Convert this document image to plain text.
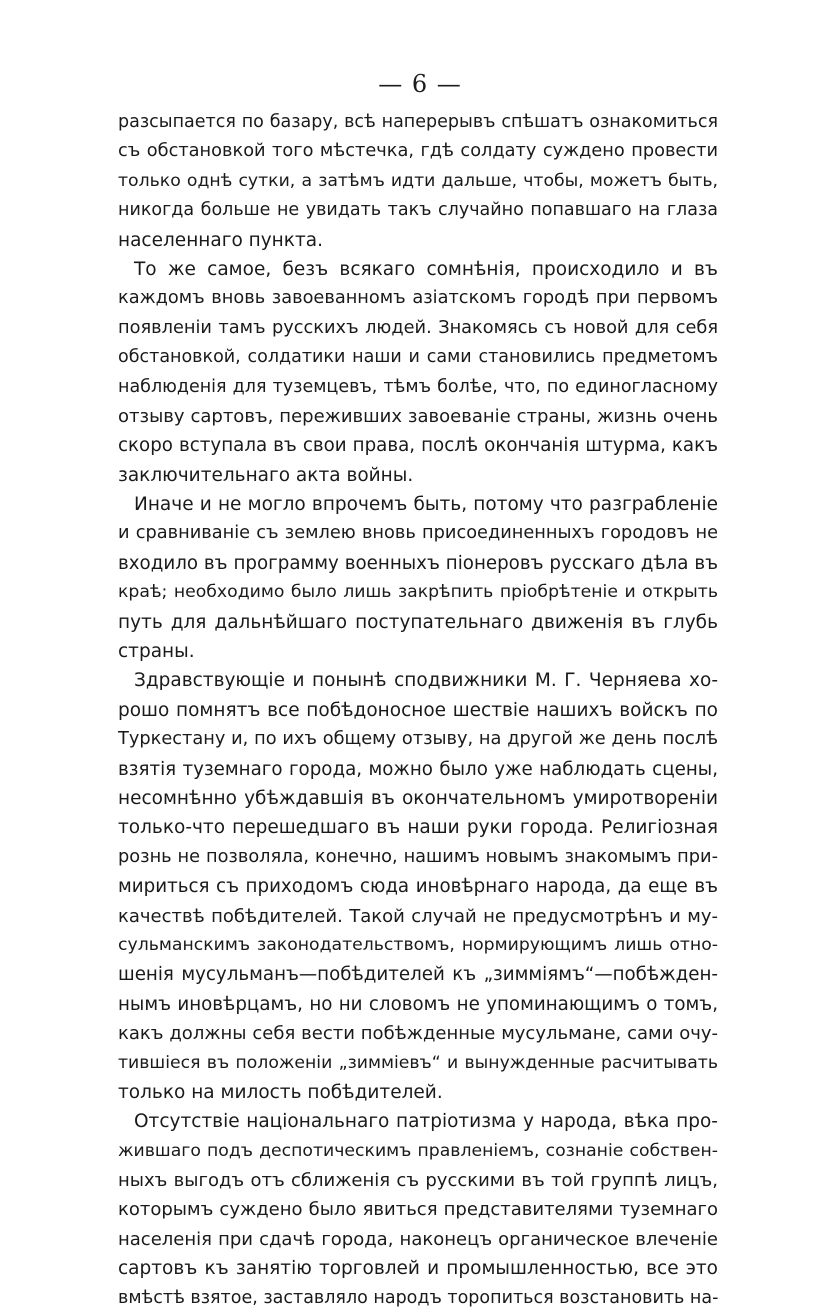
— 6 —
разсыпается по базару, всѣ наперерывъ спѣшатъ ознакомиться
съ обстановкой того мѣстечка, гдѣ солдату суждено провести
только однѣ сутки, а затѣмъ идти дальше, чтобы, можетъ быть,
никогда больше не увидать такъ случайно попавшаго на глаза
населеннаго пункта.
То же самое, безъ всякаго сомнѣнія, происходило и въ
каждомъ вновь завоеванномъ азіатскомъ городѣ при первомъ
появленіи тамъ русскихъ людей. Знакомясь съ новой для себя
обстановкой, солдатики наши и сами становились предметомъ
наблюденія для туземцевъ, тѣмъ болѣе, что, по единогласному
отзыву сартовъ, переживших завоеваніе страны, жизнь очень
скоро вступала въ свои права, послѣ окончанія штурма, какъ
заключительнаго акта войны.
Иначе и не могло впрочемъ быть, потому что разграбленіе
и сравниваніе съ землею вновь присоединенныхъ городовъ не
входило въ программу военныхъ піонеровъ русскаго дѣла въ
краѣ; необходимо было лишь закрѣпить пріобрѣтеніе и открыть
путь для дальнѣйшаго поступательнаго движенія въ глубь
страны.
Здравствующіе и понынѣ сподвижники М. Г. Черняева хо-
рошо помнятъ все побѣдоносное шествіе нашихъ войскъ по
Туркестану и, по ихъ общему отзыву, на другой же день послѣ
взятія туземнаго города, можно было уже наблюдать сцены,
несомнѣнно убѣждавшія въ окончательномъ умиротвореніи
только-что перешедшаго въ наши руки города. Религіозная
рознь не позволяла, конечно, нашимъ новымъ знакомымъ при-
мириться съ приходомъ сюда иновѣрнаго народа, да еще въ
качествѣ побѣдителей. Такой случай не предусмотрѣнъ и му-
сульманскимъ законодательствомъ, нормирующимъ лишь отно-
шенія мусульманъ—побѣдителей къ „зимміямъ“—побѣжден-
нымъ иновѣрцамъ, но ни словомъ не упоминающимъ о томъ,
какъ должны себя вести побѣжденные мусульмане, сами очу-
тившіеся въ положеніи „зимміевъ“ и вынужденные расчитывать
только на милость побѣдителей.
Отсутствіе національнаго патріотизма у народа, вѣка про-
жившаго подъ деспотическимъ правленіемъ, сознаніе собствен-
ныхъ выгодъ отъ сближенія съ русскими въ той группѣ лицъ,
которымъ суждено было явиться представителями туземнаго
населенія при сдачѣ города, наконецъ органическое влеченіе
сартовъ къ занятію торговлей и промышленностью, все это
вмѣстѣ взятое, заставляло народъ торопиться возстановить на-
